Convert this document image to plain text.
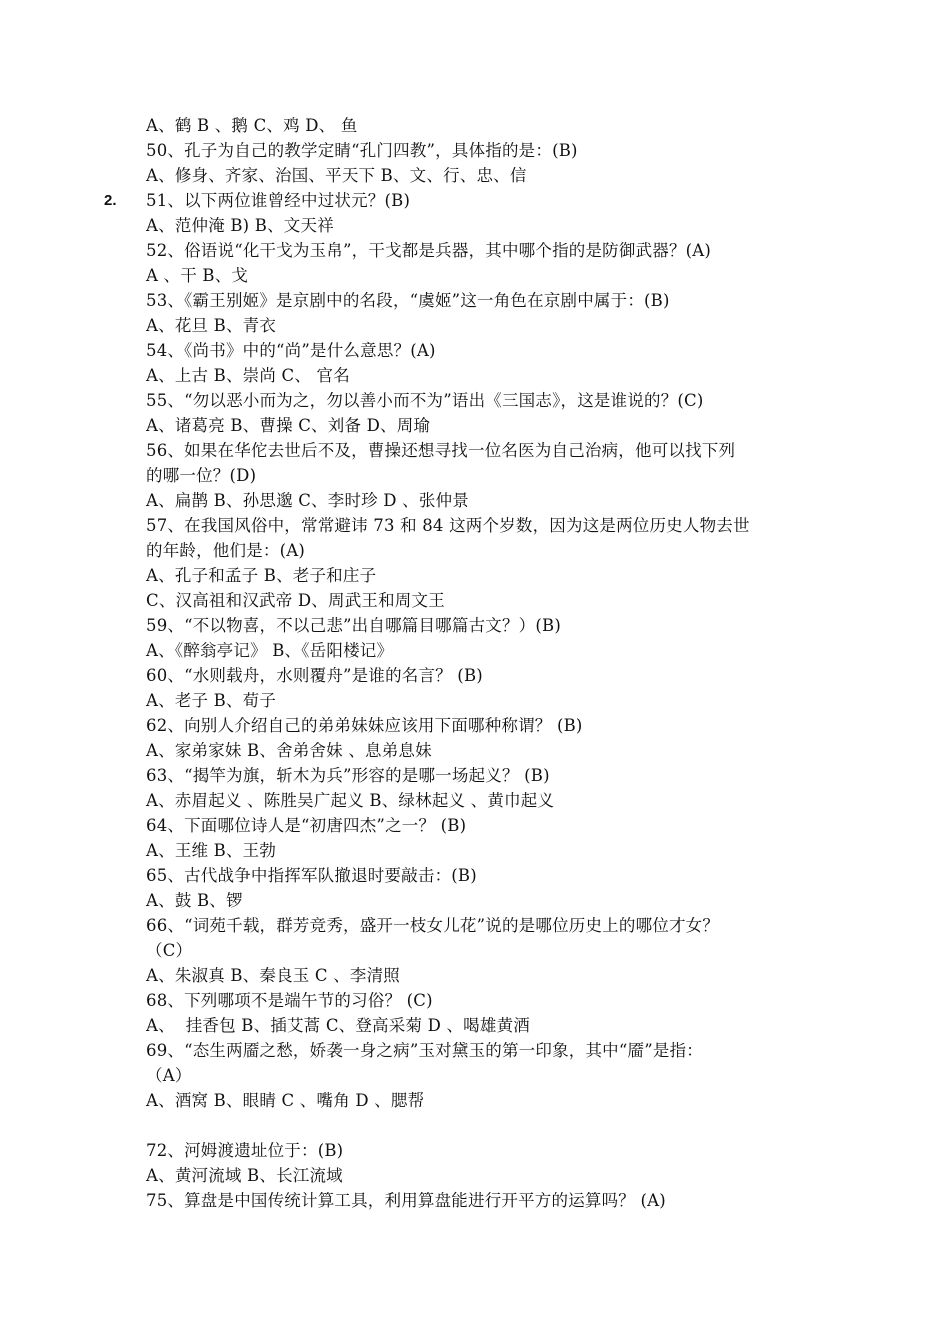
2.
A、鹤 B 、鹅 C、鸡 D、 鱼
50、孔子为自己的教学定睛“孔门四教”，具体指的是：(B)
A、修身、齐家、治国、平天下 B、文、行、忠、信
51、以下两位谁曾经中过状元？(B)
A、范仲淹 B) B、文天祥
52、俗语说“化干戈为玉帛”，干戈都是兵器，其中哪个指的是防御武器？(A)
A 、干 B、戈
53、《霸王别姬》是京剧中的名段，“虞姬”这一角色在京剧中属于：(B)
A、花旦 B、青衣
54、《尚书》中的“尚”是什么意思？(A)
A、上古 B、崇尚 C、 官名
55、“勿以恶小而为之，勿以善小而不为”语出《三国志》，这是谁说的？(C)
A、诸葛亮 B、曹操 C、刘备 D、周瑜
56、如果在华佗去世后不及，曹操还想寻找一位名医为自己治病，他可以找下列
的哪一位？(D)
A、扁鹊 B、孙思邈 C、李时珍 D 、张仲景
57、在我国风俗中，常常避讳 73 和 84 这两个岁数，因为这是两位历史人物去世
的年龄，他们是：(A)
A、孔子和孟子 B、老子和庄子
C、汉高祖和汉武帝 D、周武王和周文王
59、“不以物喜，不以己悲”出自哪篇目哪篇古文？）(B)
A、《醉翁亭记》 B、《岳阳楼记》
60、“水则载舟，水则覆舟”是谁的名言？ (B)
A、老子 B、荀子
62、向别人介绍自己的弟弟妹妹应该用下面哪种称谓？ (B)
A、家弟家妹 B、舍弟舍妹 、息弟息妹
63、“揭竿为旗，斩木为兵”形容的是哪一场起义？ (B)
A、赤眉起义 、陈胜吴广起义 B、绿林起义 、黄巾起义
64、下面哪位诗人是“初唐四杰”之一？ (B)
A、王维 B、王勃
65、古代战争中指挥军队撤退时要敲击：(B)
A、鼓 B、锣
66、“词苑千载，群芳竞秀，盛开一枝女儿花”说的是哪位历史上的哪位才女？
（C）
A、朱淑真 B、秦良玉 C 、李清照
68、下列哪项不是端午节的习俗？ (C)
A、  挂香包 B、插艾蒿 C、登高采菊 D 、喝雄黄酒
69、“态生两靥之愁，娇袭一身之病”玉对黛玉的第一印象，其中“靥”是指：
（A）
A、酒窝 B、眼睛 C 、嘴角 D 、腮帮
72、河姆渡遗址位于：(B)
A、黄河流域 B、长江流域
75、算盘是中国传统计算工具，利用算盘能进行开平方的运算吗？ (A)
